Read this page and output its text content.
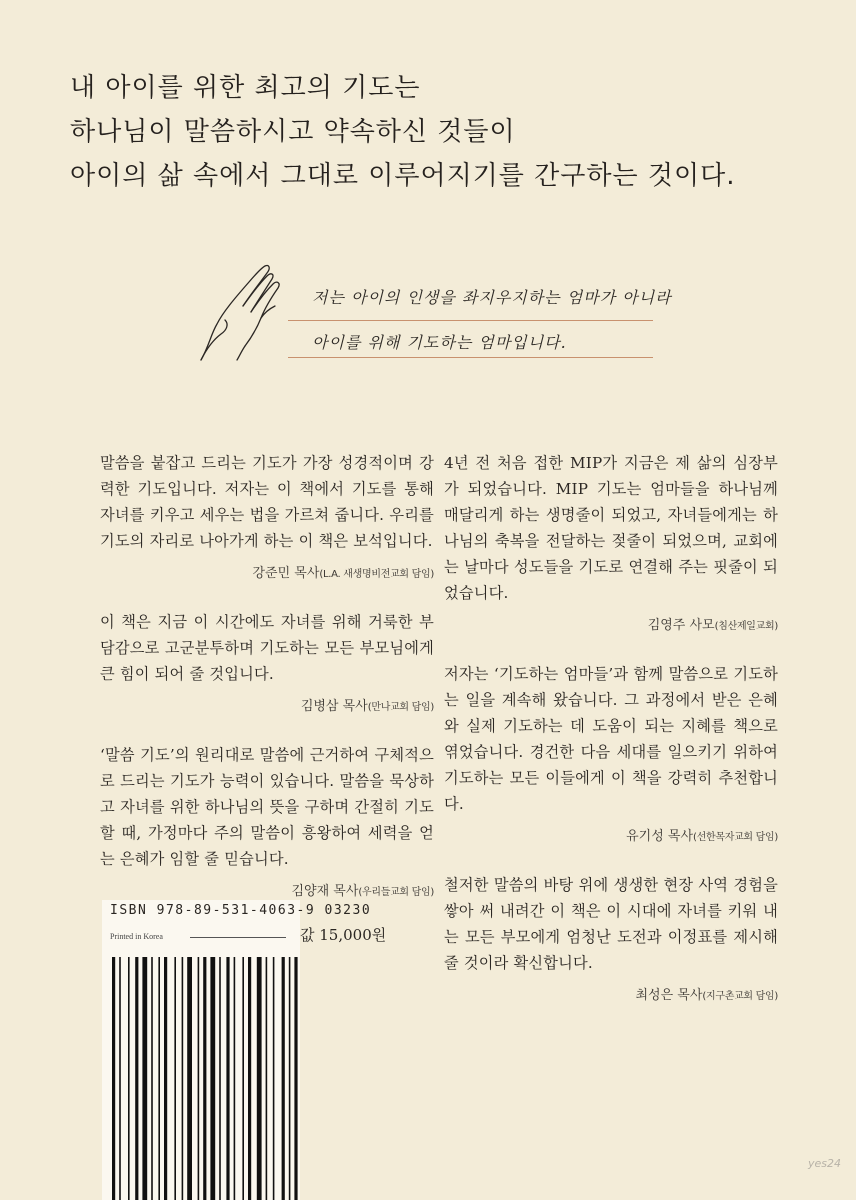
내 아이를 위한 최고의 기도는
하나님이 말씀하시고 약속하신 것들이
아이의 삶 속에서 그대로 이루어지기를 간구하는 것이다.
저는 아이의 인생을 좌지우지하는 엄마가 아니라
아이를 위해 기도하는 엄마입니다.

말씀을 붙잡고 드리는 기도가 가장 성경적이며 강력한 기도입니다. 저자는 이 책에서 기도를 통해 자녀를 키우고 세우는 법을 가르쳐 줍니다. 우리를 기도의 자리로 나아가게 하는 이 책은 보석입니다.

강준민 목사(L.A. 새생명비전교회 담임)

이 책은 지금 이 시간에도 자녀를 위해 거룩한 부담감으로 고군분투하며 기도하는 모든 부모님에게 큰 힘이 되어 줄 것입니다.

김병삼 목사(만나교회 담임)

‘말씀 기도’의 원리대로 말씀에 근거하여 구체적으로 드리는 기도가 능력이 있습니다. 말씀을 묵상하고 자녀를 위한 하나님의 뜻을 구하며 간절히 기도할 때, 가정마다 주의 말씀이 흥왕하여 세력을 얻는 은혜가 임할 줄 믿습니다.

김양재 목사(우리들교회 담임)

4년 전 처음 접한 MIP가 지금은 제 삶의 심장부가 되었습니다. MIP 기도는 엄마들을 하나님께 매달리게 하는 생명줄이 되었고, 자녀들에게는 하나님의 축복을 전달하는 젖줄이 되었으며, 교회에는 날마다 성도들을 기도로 연결해 주는 핏줄이 되었습니다.

김영주 사모(침산제일교회)

저자는 ‘기도하는 엄마들’과 함께 말씀으로 기도하는 일을 계속해 왔습니다. 그 과정에서 받은 은혜와 실제 기도하는 데 도움이 되는 지혜를 책으로 엮었습니다. 경건한 다음 세대를 일으키기 위하여 기도하는 모든 이들에게 이 책을 강력히 추천합니다.

유기성 목사(선한목자교회 담임)

철저한 말씀의 바탕 위에 생생한 현장 사역 경험을 쌓아 써 내려간 이 책은 이 시대에 자녀를 키워 내는 모든 부모에게 엄청난 도전과 이정표를 제시해 줄 것이라 확신합니다.

최성은 목사(지구촌교회 담임)
ISBN 978-89-531-4063-9 03230
Printed in Korea	값 15,000원
yes24
